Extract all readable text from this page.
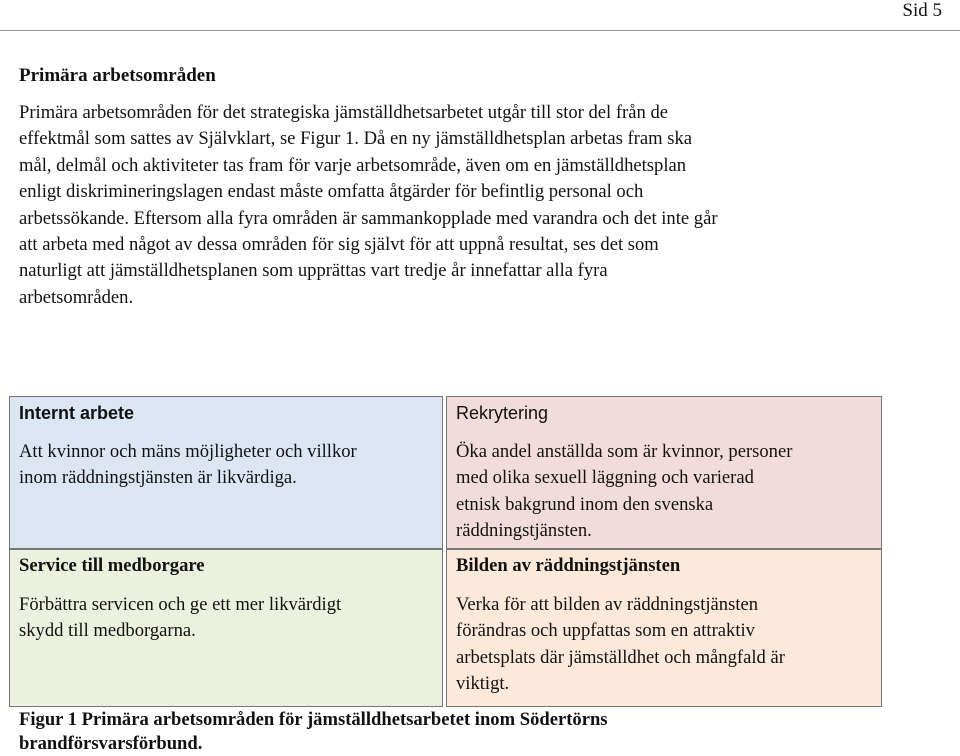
Sid 5
Primära arbetsområden

Primära arbetsområden för det strategiska jämställdhetsarbetet utgår till stor del från de
effektmål som sattes av Självklart, se Figur 1. Då en ny jämställdhetsplan arbetas fram ska
mål, delmål och aktiviteter tas fram för varje arbetsområde, även om en jämställdhetsplan
enligt diskrimineringslagen endast måste omfatta åtgärder för befintlig personal och
arbetssökande. Eftersom alla fyra områden är sammankopplade med varandra och det inte går
att arbeta med något av dessa områden för sig självt för att uppnå resultat, ses det som
naturligt att jämställdhetsplanen som upprättas vart tredje år innefattar alla fyra
arbetsområden.

Internt arbete

Att kvinnor och mäns möjligheter och villkor
inom räddningstjänsten är likvärdiga.

Rekrytering

Öka andel anställda som är kvinnor, personer
med olika sexuell läggning och varierad
etnisk bakgrund inom den svenska
räddningstjänsten.

Service till medborgare

Förbättra servicen och ge ett mer likvärdigt
skydd till medborgarna.

Bilden av räddningstjänsten

Verka för att bilden av räddningstjänsten
förändras och uppfattas som en attraktiv
arbetsplats där jämställdhet och mångfald är
viktigt.

Figur 1 Primära arbetsområden för jämställdhetsarbetet inom Södertörns
brandförsvarsförbund.
